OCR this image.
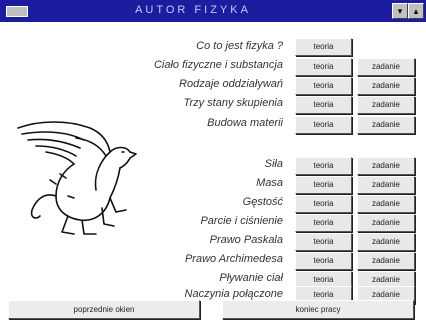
AUTOR FIZYKA	▾	▴
Co to jest fizyka ?	teoria
Ciało fizyczne i substancja	teoria	zadanie
Rodzaje oddziaływań	teoria	zadanie
Trzy stany skupienia	teoria	zadanie
Budowa materii	teoria	zadanie
Siła	teoria	zadanie
Masa	teoria	zadanie
Gęstość	teoria	zadanie
Parcie i ciśnienie	teoria	zadanie
Prawo Paskala	teoria	zadanie
Prawo Archimedesa	teoria	zadanie
Pływanie ciał	teoria	zadanie
Naczynia połączone	teoria	zadanie
poprzednie okien	koniec pracy
